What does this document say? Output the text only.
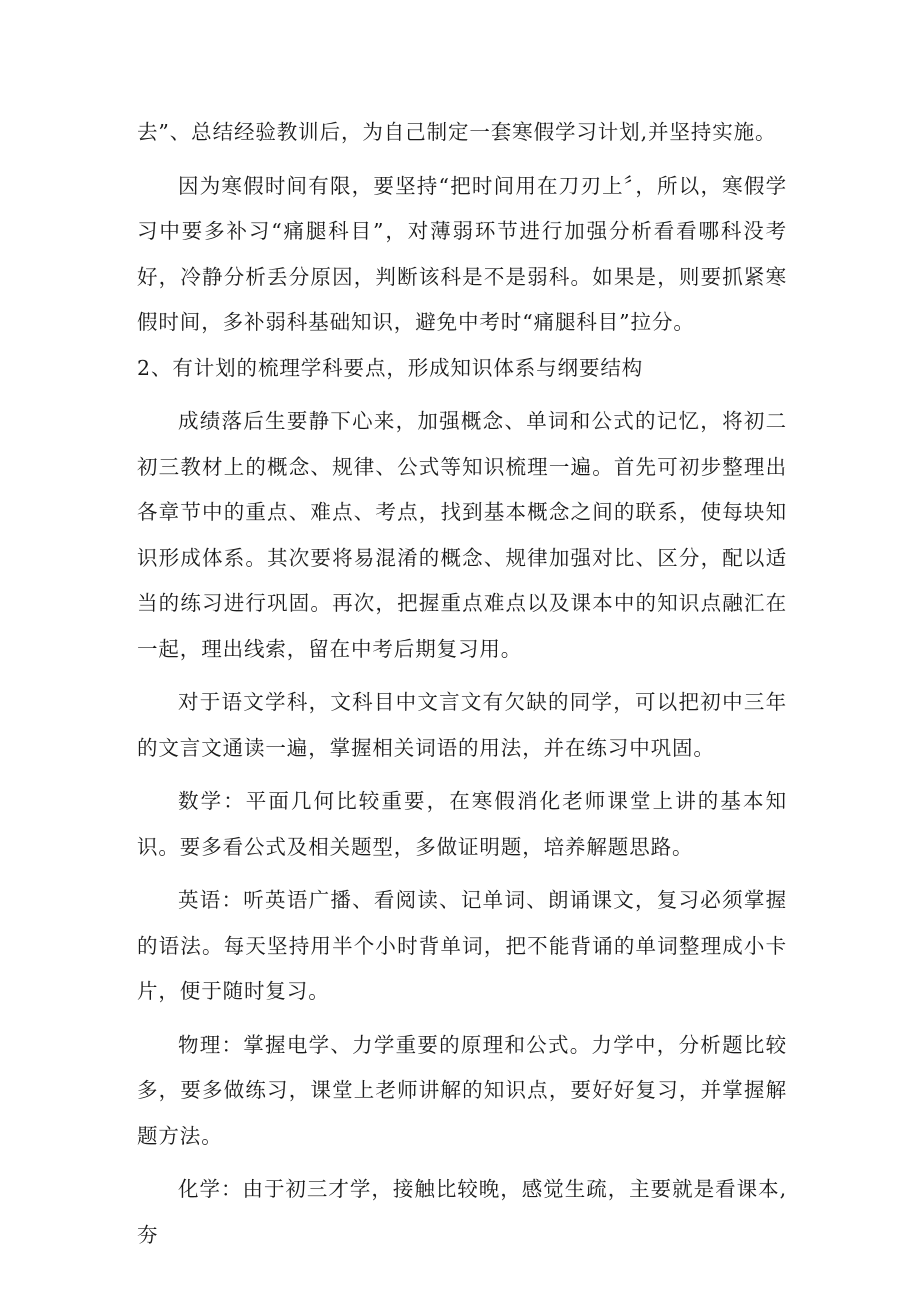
去”、总结经验教训后，为自己制定一套寒假学习计划,并坚持实施。

因为寒假时间有限，要坚持“把时间用在刀刃上〞，所以，寒假学习中要多补习“痛腿科目”，对薄弱环节进行加强分析看看哪科没考好，冷静分析丢分原因，判断该科是不是弱科。如果是，则要抓紧寒假时间，多补弱科基础知识，避免中考时“痛腿科目”拉分。

2、有计划的梳理学科要点，形成知识体系与纲要结构

成绩落后生要静下心来，加强概念、单词和公式的记忆，将初二初三教材上的概念、规律、公式等知识梳理一遍。首先可初步整理出各章节中的重点、难点、考点，找到基本概念之间的联系，使每块知识形成体系。其次要将易混淆的概念、规律加强对比、区分，配以适当的练习进行巩固。再次，把握重点难点以及课本中的知识点融汇在一起，理出线索，留在中考后期复习用。

对于语文学科，文科目中文言文有欠缺的同学，可以把初中三年的文言文通读一遍，掌握相关词语的用法，并在练习中巩固。

数学：平面几何比较重要，在寒假消化老师课堂上讲的基本知识。要多看公式及相关题型，多做证明题，培养解题思路。

英语：听英语广播、看阅读、记单词、朗诵课文，复习必须掌握的语法。每天坚持用半个小时背单词，把不能背诵的单词整理成小卡片，便于随时复习。

物理：掌握电学、力学重要的原理和公式。力学中，分析题比较多，要多做练习，课堂上老师讲解的知识点，要好好复习，并掌握解题方法。

化学：由于初三才学，接触比较晚，感觉生疏，主要就是看课本,夯
